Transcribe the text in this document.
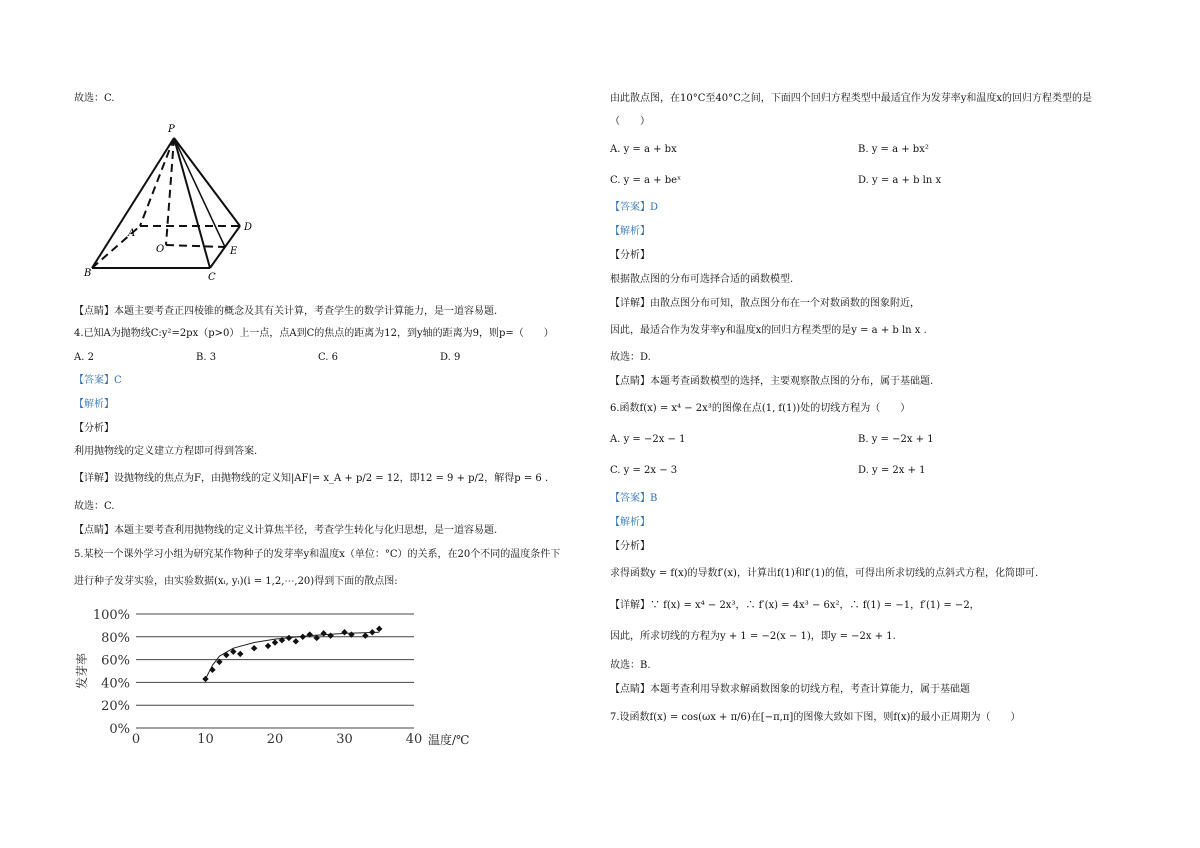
故选：C.
P
A
D
O	E
B	C
【点睛】本题主要考查正四棱锥的概念及其有关计算，考查学生的数学计算能力，是一道容易题.
4.已知A为抛物线C:y²=2px（p>0）上一点，点A到C的焦点的距离为12，到y轴的距离为9，则p=（　　）
A. 2	B. 3	C. 6	D. 9
【答案】C
【解析】
【分析】
利用抛物线的定义建立方程即可得到答案.
【详解】设抛物线的焦点为F，由抛物线的定义知|AF|= x_A + p/2 = 12，即12 = 9 + p/2，解得p = 6 .
故选：C.
【点睛】本题主要考查利用抛物线的定义计算焦半径，考查学生转化与化归思想，是一道容易题.
5.某校一个课外学习小组为研究某作物种子的发芽率y和温度x（单位：°C）的关系，在20个不同的温度条件下
进行种子发芽实验，由实验数据(xᵢ, yᵢ)(i = 1,2,⋯,20)得到下面的散点图:
0%
20%
40%
60%
80%
100%
0	10	20	30	40 温度/℃
发芽率
由此散点图，在10°C至40°C之间，下面四个回归方程类型中最适宜作为发芽率y和温度x的回归方程类型的是
（　　）
A. y = a + bx	B. y = a + bx²
C. y = a + beˣ	D. y = a + b ln x
【答案】D
【解析】
【分析】
根据散点图的分布可选择合适的函数模型.
【详解】由散点图分布可知，散点图分布在一个对数函数的图象附近，
因此，最适合作为发芽率y和温度x的回归方程类型的是y = a + b ln x .
故选：D.
【点睛】本题考查函数模型的选择，主要观察散点图的分布，属于基础题.
6.函数f(x) = x⁴ − 2x³的图像在点(1, f(1))处的切线方程为（　　）
A. y = −2x − 1	B. y = −2x + 1
C. y = 2x − 3	D. y = 2x + 1
【答案】B
【解析】
【分析】
求得函数y = f(x)的导数f′(x)，计算出f(1)和f′(1)的值，可得出所求切线的点斜式方程，化简即可.
【详解】∵ f(x) = x⁴ − 2x³，∴ f′(x) = 4x³ − 6x²，∴ f(1) = −1，f′(1) = −2，
因此，所求切线的方程为y + 1 = −2(x − 1)，即y = −2x + 1.
故选：B.
【点睛】本题考查利用导数求解函数图象的切线方程，考查计算能力，属于基础题
7.设函数f(x) = cos(ωx + π/6)在[−π,π]的图像大致如下图，则f(x)的最小正周期为（　　）
